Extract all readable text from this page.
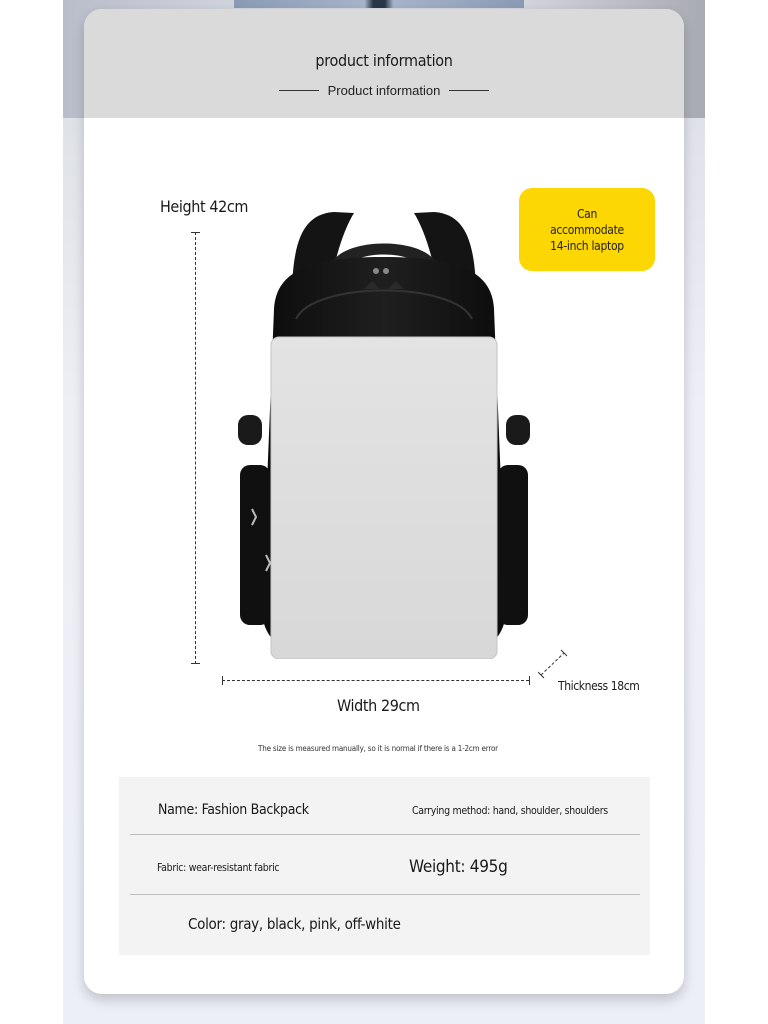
product information
Product information
Height 42cm	Can
accommodate
14-inch laptop
Width 29cm
Thickness 18cm
The size is measured manually, so it is normal if there is a 1-2cm error
Name: Fashion Backpack	Carrying method: hand, shoulder, shoulders
Fabric: wear-resistant fabric	Weight: 495g
Color: gray, black, pink, off-white
